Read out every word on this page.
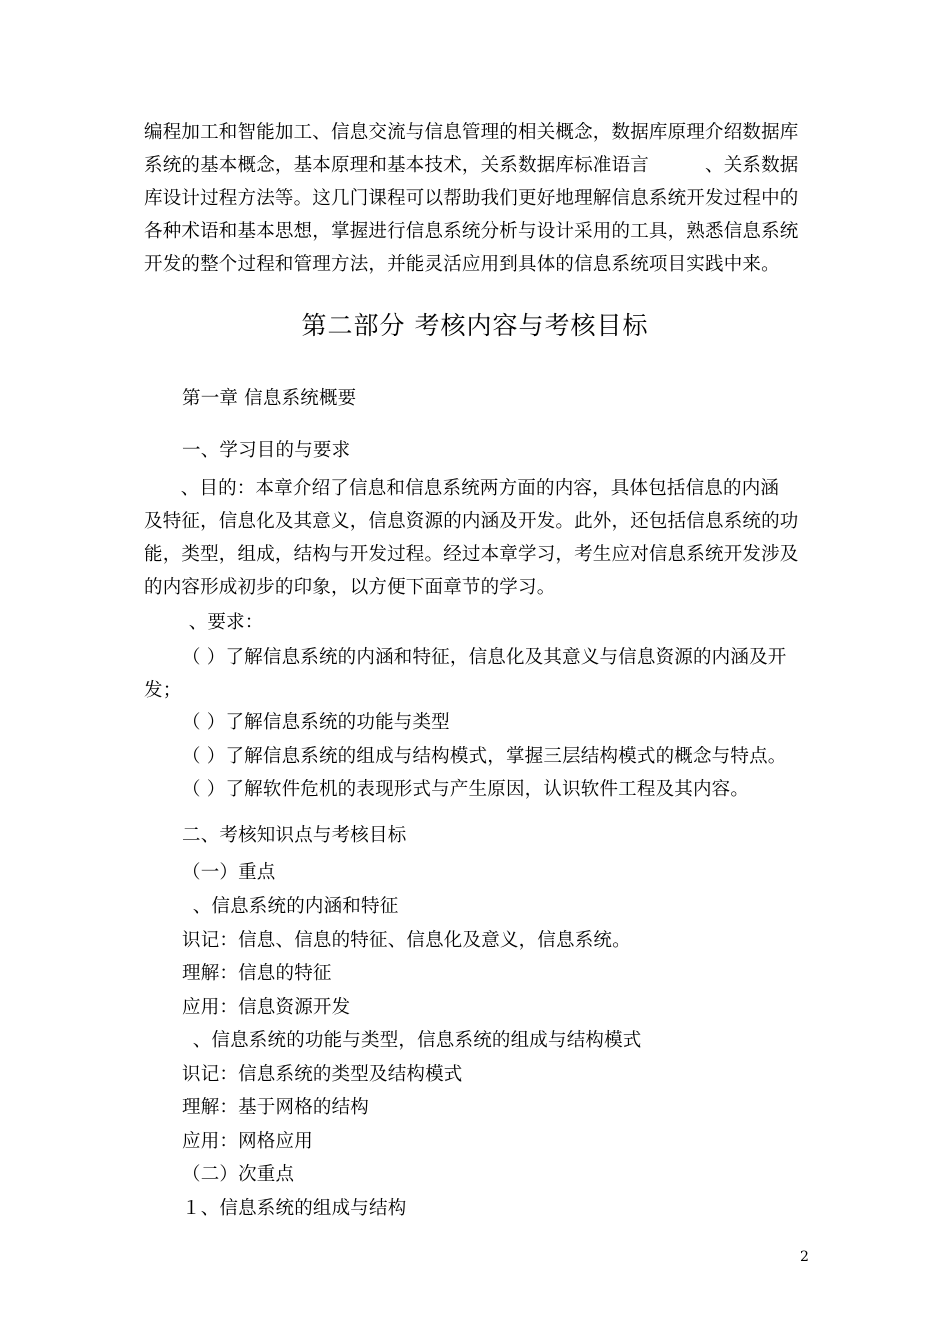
编程加工和智能加工、信息交流与信息管理的相关概念，数据库原理介绍数据库

系统的基本概念，基本原理和基本技术，关系数据库标准语言　　　、关系数据

库设计过程方法等。这几门课程可以帮助我们更好地理解信息系统开发过程中的

各种术语和基本思想，掌握进行信息系统分析与设计采用的工具，熟悉信息系统

开发的整个过程和管理方法，并能灵活应用到具体的信息系统项目实践中来。

第二部分 考核内容与考核目标
第一章 信息系统概要
一、学习目的与要求

　、目的：本章介绍了信息和信息系统两方面的内容，具体包括信息的内涵

及特征，信息化及其意义，信息资源的内涵及开发。此外，还包括信息系统的功

能，类型，组成，结构与开发过程。经过本章学习，考生应对信息系统开发涉及

的内容形成初步的印象，以方便下面章节的学习。

　、要求：

（ ）了解信息系统的内涵和特征，信息化及其意义与信息资源的内涵及开

发；

（ ）了解信息系统的功能与类型
（ ）了解信息系统的组成与结构模式，掌握三层结构模式的概念与特点。
（ ）了解软件危机的表现形式与产生原因，认识软件工程及其内容。
二、考核知识点与考核目标
（一）重点
　、信息系统的内涵和特征
识记：信息、信息的特征、信息化及意义，信息系统。
理解：信息的特征
应用：信息资源开发
　、信息系统的功能与类型，信息系统的组成与结构模式
识记：信息系统的类型及结构模式
理解：基于网格的结构
应用：网格应用
（二）次重点
１、信息系统的组成与结构
2
